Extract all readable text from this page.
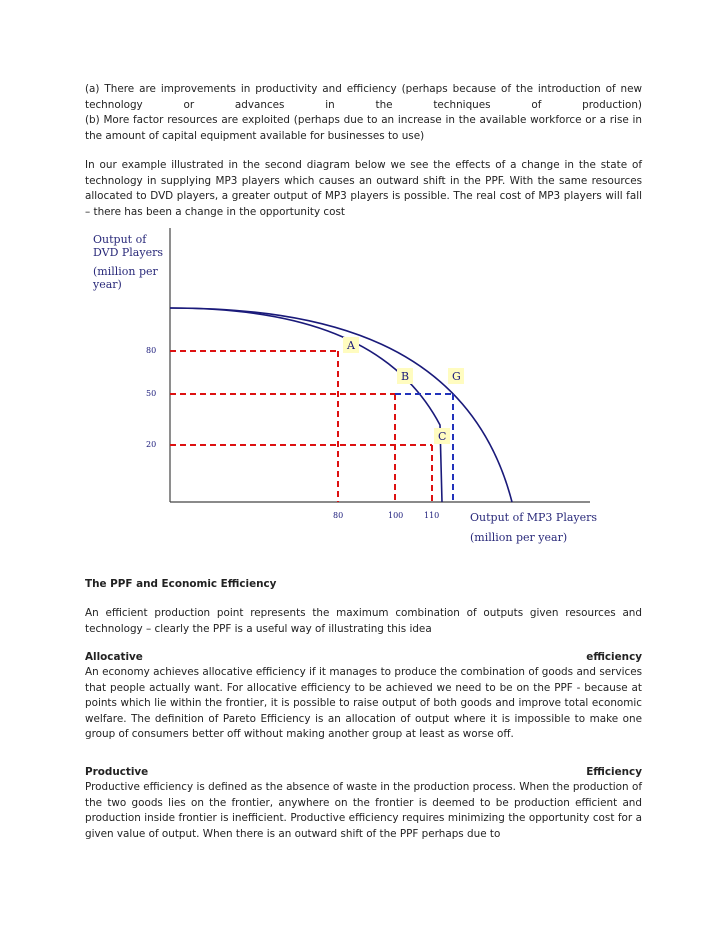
(a) There are improvements in productivity and efficiency (perhaps because of the introduction of new

technology or advances in the techniques of production)

(b) More factor resources are exploited (perhaps due to an increase in the available workforce or a rise in the amount of capital equipment available for businesses to use)

In our example illustrated in the second diagram below we see the effects of a change in the state of technology in supplying MP3 players which causes an outward shift in the PPF. With the same resources allocated to DVD players, a greater output of MP3 players is possible. The real cost of MP3 players will fall – there has been a change in the opportunity cost
Output of
DVD Players
(million per
year)
A
B
C
G
80
50
20
80	100	110	Output of MP3 Players
(million per year)
The PPF and Economic Efficiency
An efficient production point represents the maximum combination of outputs given resources and technology – clearly the PPF is a useful way of illustrating this idea
Allocative	efficiency
An economy achieves allocative efficiency if it manages to produce the combination of goods and services that people actually want. For allocative efficiency to be achieved we need to be on the PPF - because at points which lie within the frontier, it is possible to raise output of both goods and improve total economic welfare. The definition of Pareto Efficiency is an allocation of output where it is impossible to make one group of consumers better off without making another group at least as worse off.
Productive	Efficiency
Productive efficiency is defined as the absence of waste in the production process. When the production of the two goods lies on the frontier, anywhere on the frontier is deemed to be production efficient and production inside frontier is inefficient. Productive efficiency requires minimizing the opportunity cost for a given value of output. When there is an outward shift of the PPF perhaps due to
